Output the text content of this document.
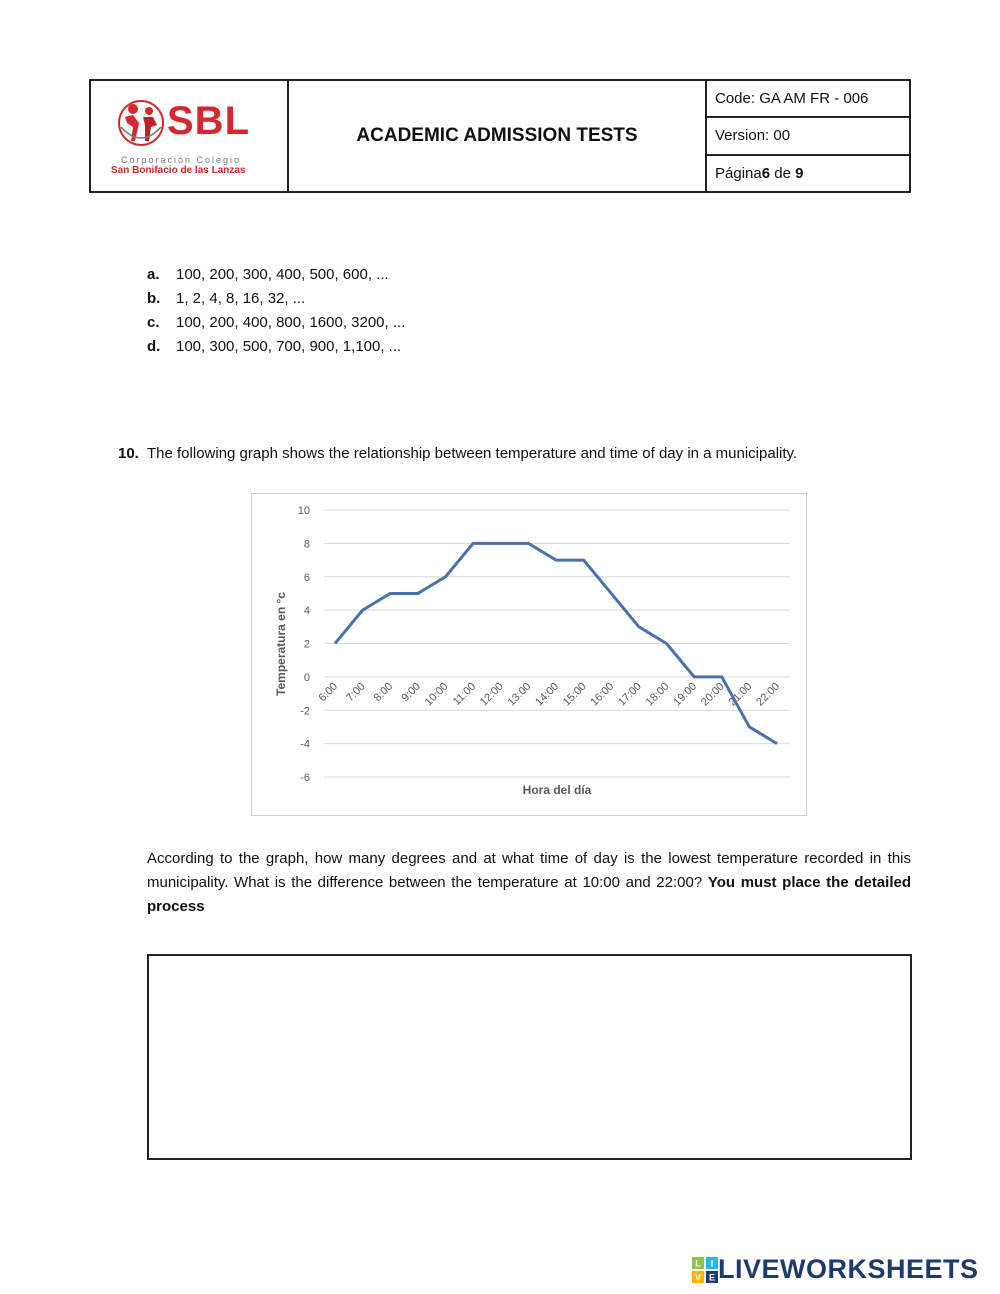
SBL
Corporación Colegio
San Bonifacio de las Lanzas
ACADEMIC ADMISSION TESTS
Code: GA AM FR - 006
Version: 00
Página 6 de 9
a.	100, 200, 300, 400, 500, 600, ...
b.	1, 2, 4, 8, 16, 32, ...
c.	100, 200, 400, 800, 1600, 3200, ...
d.	100, 300, 500, 700, 900, 1,100, ...
10. The following graph shows the relationship between temperature and time of day in a municipality.
10
8
6
4
2
0
-2
-4
-6
6:00 7:00 8:00 9:00 10:00 11:00 12:00 13:00 14:00 15:00 16:00 17:00 18:00 19:00 20:00 21:00 22:00
Hora del día
Temperatura en °c
According to the graph, how many degrees and at what time of day is the lowest temperature recorded in this municipality. What is the difference between the temperature at 10:00 and 22:00? You must place the detailed process
L I
V E LIVEWORKSHEETS
